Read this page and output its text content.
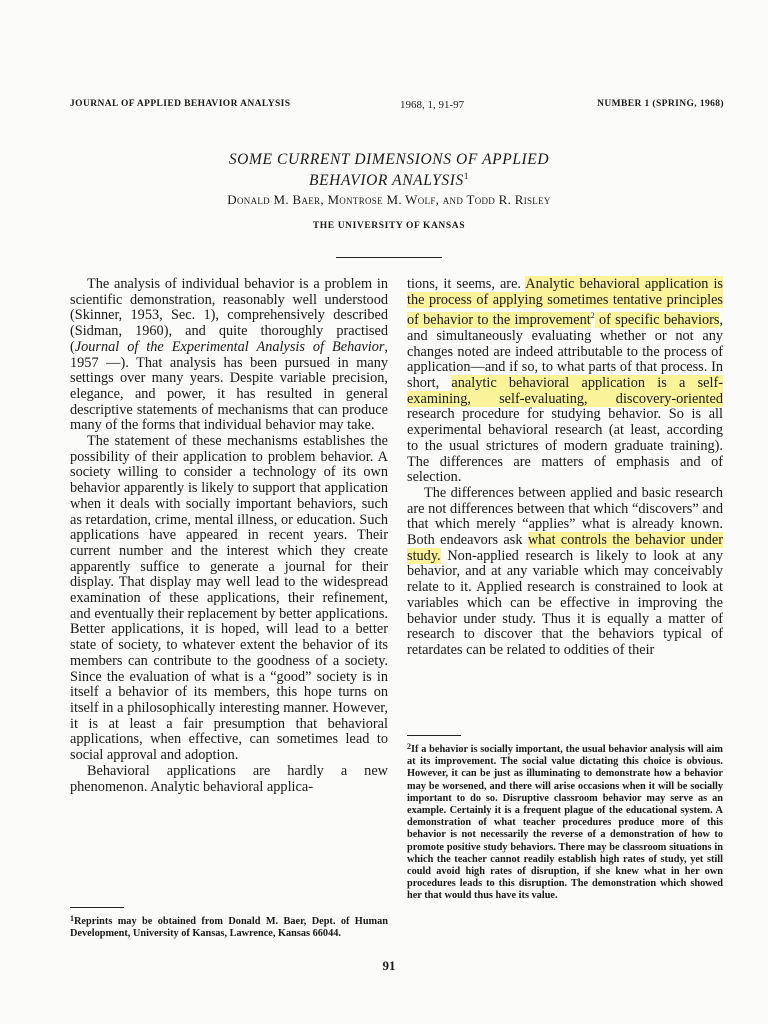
JOURNAL OF APPLIED BEHAVIOR ANALYSIS	1968, 1, 91-97	NUMBER 1 (SPRING, 1968)
SOME CURRENT DIMENSIONS OF APPLIED
BEHAVIOR ANALYSIS$^1$
Donald M. Baer, Montrose M. Wolf, and Todd R. Risley
THE UNIVERSITY OF KANSAS

The analysis of individual behavior is a problem in scientific demonstration, reasonably well understood (Skinner, 1953, Sec. 1), comprehensively described (Sidman, 1960), and quite thoroughly practised (Journal of the Experimental Analysis of Behavior, 1957 —). That analysis has been pursued in many settings over many years. Despite variable precision, elegance, and power, it has resulted in general descriptive statements of mechanisms that can produce many of the forms that individual behavior may take.

The statement of these mechanisms establishes the possibility of their application to problem behavior. A society willing to consider a technology of its own behavior apparently is likely to support that application when it deals with socially important behaviors, such as retardation, crime, mental illness, or education. Such applications have appeared in recent years. Their current number and the interest which they create apparently suffice to generate a journal for their display. That display may well lead to the widespread examination of these applications, their refinement, and eventually their replacement by better applications. Better applications, it is hoped, will lead to a better state of society, to whatever extent the behavior of its members can contribute to the goodness of a society. Since the evaluation of what is a “good” society is in itself a behavior of its members, this hope turns on itself in a philosophically interesting manner. However, it is at least a fair presumption that behavioral applications, when effective, can sometimes lead to social approval and adoption.

Behavioral applications are hardly a new phenomenon. Analytic behavioral applica-

tions, it seems, are. Analytic behavioral application is the process of applying sometimes tentative principles of behavior to the improvement$^2$ of specific behaviors, and simultaneously evaluating whether or not any changes noted are indeed attributable to the process of application—and if so, to what parts of that process. In short, analytic behavioral application is a self-examining, self-evaluating, discovery-oriented research procedure for studying behavior. So is all experimental behavioral research (at least, according to the usual strictures of modern graduate training). The differences are matters of emphasis and of selection.

The differences between applied and basic research are not differences between that which “discovers” and that which merely “applies” what is already known. Both endeavors ask what controls the behavior under study. Non-applied research is likely to look at any behavior, and at any variable which may conceivably relate to it. Applied research is constrained to look at variables which can be effective in improving the behavior under study. Thus it is equally a matter of research to discover that the behaviors typical of retardates can be related to oddities of their

$^2$If a behavior is socially important, the usual behavior analysis will aim at its improvement. The social value dictating this choice is obvious. However, it can be just as illuminating to demonstrate how a behavior may be worsened, and there will arise occasions when it will be socially important to do so. Disruptive classroom behavior may serve as an example. Certainly it is a frequent plague of the educational system. A demonstration of what teacher procedures produce more of this behavior is not necessarily the reverse of a demonstration of how to promote positive study behaviors. There may be classroom situations in which the teacher cannot readily establish high rates of study, yet still could avoid high rates of disruption, if she knew what in her own procedures leads to this disruption. The demonstration which showed her that would thus have its value.
$^1$Reprints may be obtained from Donald M. Baer, Dept. of Human Development, University of Kansas, Lawrence, Kansas 66044.
91
